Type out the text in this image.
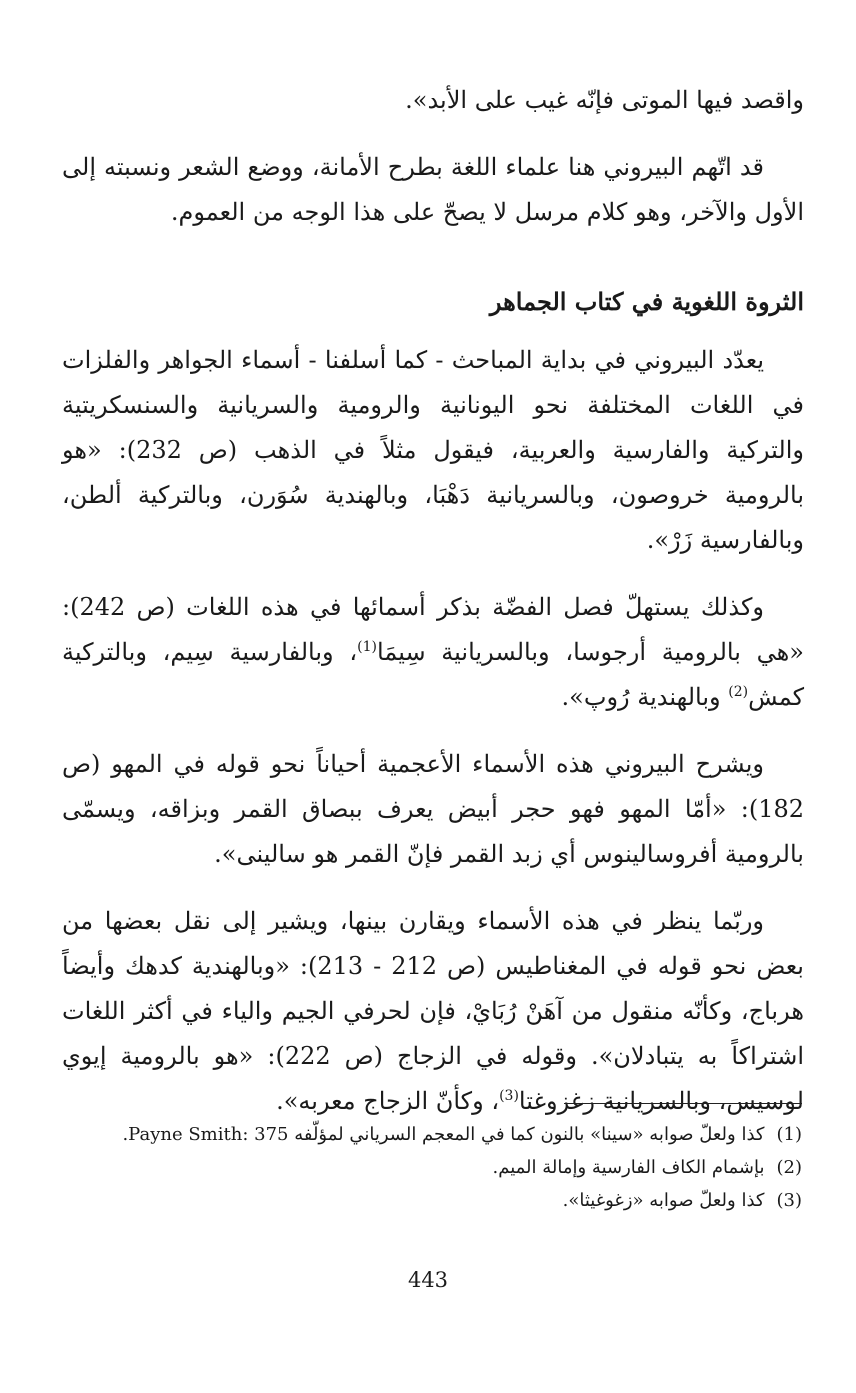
واقصد فيها الموتى فإنّه غيب على الأبد».

قد اتّهم البيروني هنا علماء اللغة بطرح الأمانة، ووضع الشعر ونسبته إلى الأول والآخر، وهو كلام مرسل لا يصحّ على هذا الوجه من العموم.

الثروة اللغوية في كتاب الجماهر

يعدّد البيروني في بداية المباحث - كما أسلفنا - أسماء الجواهر والفلزات في اللغات المختلفة نحو اليونانية والرومية والسريانية والسنسكريتية والتركية والفارسية والعربية، فيقول مثلاً في الذهب (ص 232): «هو بالرومية خروصون، وبالسريانية دَهْبَا، وبالهندية سُوَرن، وبالتركية ألطن، وبالفارسية زَرْ».

وكذلك يستهلّ فصل الفضّة بذكر أسمائها في هذه اللغات (ص 242): «هي بالرومية أرجوسا، وبالسريانية سِيمَا$^{(1)}$، وبالفارسية سِيم، وبالتركية كمش$^{(2)}$ وبالهندية رُوپ».

ويشرح البيروني هذه الأسماء الأعجمية أحياناً نحو قوله في المهو (ص 182): «أمّا المهو فهو حجر أبيض يعرف ببصاق القمر وبزاقه، ويسمّى بالرومية أفروسالينوس أي زبد القمر فإنّ القمر هو سالينى».

وربّما ينظر في هذه الأسماء ويقارن بينها، ويشير إلى نقل بعضها من بعض نحو قوله في المغناطيس (ص 212 - 213): «وبالهندية كدهك وأيضاً هرباج، وكأنّه منقول من آهَنْ رُبَايْ، فإن لحرفي الجيم والياء في أكثر اللغات اشتراكاً به يتبادلان». وقوله في الزجاج (ص 222): «هو بالرومية إيوي لوسيس، وبالسريانية زغزوغتا$^{(3)}$، وكأنّ الزجاج معربه».

(1)
كذا ولعلّ صوابه «سينا» بالنون كما في المعجم السرياني لمؤلّفه Payne Smith: 375.
(2)
بإشمام الكاف الفارسية وإمالة الميم.
(3)
كذا ولعلّ صوابه «زغوغيثا».
443
